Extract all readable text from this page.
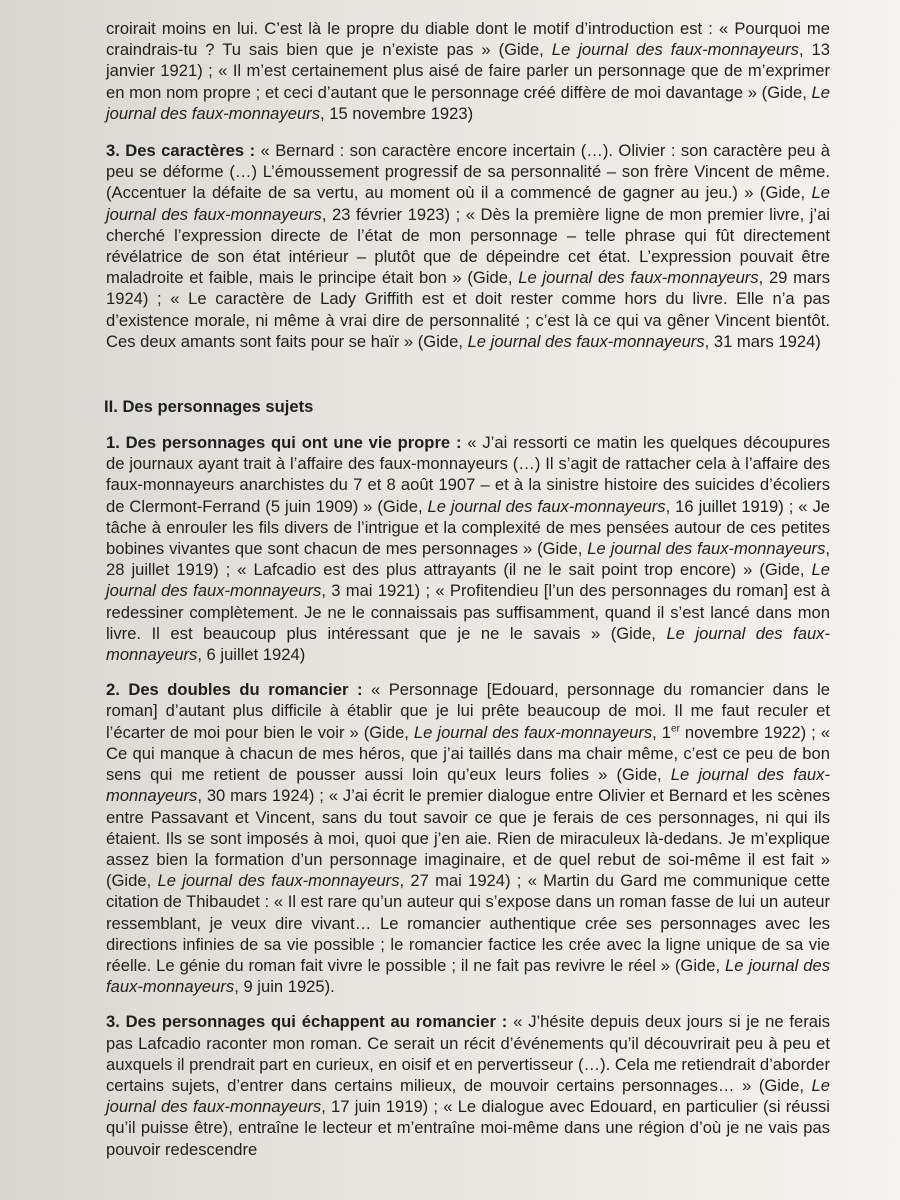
croirait moins en lui. C’est là le propre du diable dont le motif d’introduction est : « Pourquoi me craindrais-tu ? Tu sais bien que je n’existe pas » (Gide, Le journal des faux-monnayeurs, 13 janvier 1921) ; « Il m’est certainement plus aisé de faire parler un personnage que de m’exprimer en mon nom propre ; et ceci d’autant que le personnage créé diffère de moi davantage » (Gide, Le journal des faux-monnayeurs, 15 novembre 1923)

3. Des caractères : « Bernard : son caractère encore incertain (…). Olivier : son caractère peu à peu se déforme (…) L’émoussement progressif de sa personnalité – son frère Vincent de même. (Accentuer la défaite de sa vertu, au moment où il a commencé de gagner au jeu.) » (Gide, Le journal des faux-monnayeurs, 23 février 1923) ; « Dès la première ligne de mon premier livre, j’ai cherché l’expression directe de l’état de mon personnage – telle phrase qui fût directement révélatrice de son état intérieur – plutôt que de dépeindre cet état. L’expression pouvait être maladroite et faible, mais le principe était bon » (Gide, Le journal des faux-monnayeurs, 29 mars 1924) ; « Le caractère de Lady Griffith est et doit rester comme hors du livre. Elle n’a pas d’existence morale, ni même à vrai dire de personnalité ; c’est là ce qui va gêner Vincent bientôt. Ces deux amants sont faits pour se haïr » (Gide, Le journal des faux-monnayeurs, 31 mars 1924)

II. Des personnages sujets

1. Des personnages qui ont une vie propre : « J’ai ressorti ce matin les quelques découpures de journaux ayant trait à l’affaire des faux-monnayeurs (…) Il s’agit de rattacher cela à l’affaire des faux-monnayeurs anarchistes du 7 et 8 août 1907 – et à la sinistre histoire des suicides d’écoliers de Clermont-Ferrand (5 juin 1909) » (Gide, Le journal des faux-monnayeurs, 16 juillet 1919) ; « Je tâche à enrouler les fils divers de l’intrigue et la complexité de mes pensées autour de ces petites bobines vivantes que sont chacun de mes personnages » (Gide, Le journal des faux-monnayeurs, 28 juillet 1919) ; « Lafcadio est des plus attrayants (il ne le sait point trop encore) » (Gide, Le journal des faux-monnayeurs, 3 mai 1921) ; « Profitendieu [l’un des personnages du roman] est à redessiner complètement. Je ne le connaissais pas suffisamment, quand il s’est lancé dans mon livre. Il est beaucoup plus intéressant que je ne le savais » (Gide, Le journal des faux-monnayeurs, 6 juillet 1924)

2. Des doubles du romancier : « Personnage [Edouard, personnage du romancier dans le roman] d’autant plus difficile à établir que je lui prête beaucoup de moi. Il me faut reculer et l’écarter de moi pour bien le voir » (Gide, Le journal des faux-monnayeurs, 1er novembre 1922) ; « Ce qui manque à chacun de mes héros, que j’ai taillés dans ma chair même, c’est ce peu de bon sens qui me retient de pousser aussi loin qu’eux leurs folies » (Gide, Le journal des faux-monnayeurs, 30 mars 1924) ; « J’ai écrit le premier dialogue entre Olivier et Bernard et les scènes entre Passavant et Vincent, sans du tout savoir ce que je ferais de ces personnages, ni qui ils étaient. Ils se sont imposés à moi, quoi que j’en aie. Rien de miraculeux là-dedans. Je m’explique assez bien la formation d’un personnage imaginaire, et de quel rebut de soi-même il est fait » (Gide, Le journal des faux-monnayeurs, 27 mai 1924) ; « Martin du Gard me communique cette citation de Thibaudet : « Il est rare qu’un auteur qui s’expose dans un roman fasse de lui un auteur ressemblant, je veux dire vivant… Le romancier authentique crée ses personnages avec les directions infinies de sa vie possible ; le romancier factice les crée avec la ligne unique de sa vie réelle. Le génie du roman fait vivre le possible ; il ne fait pas revivre le réel » (Gide, Le journal des faux-monnayeurs, 9 juin 1925).

3. Des personnages qui échappent au romancier : « J’hésite depuis deux jours si je ne ferais pas Lafcadio raconter mon roman. Ce serait un récit d’événements qu’il découvrirait peu à peu et auxquels il prendrait part en curieux, en oisif et en pervertisseur (…). Cela me retiendrait d’aborder certains sujets, d’entrer dans certains milieux, de mouvoir certains personnages… » (Gide, Le journal des faux-monnayeurs, 17 juin 1919) ; « Le dialogue avec Edouard, en particulier (si réussi qu’il puisse être), entraîne le lecteur et m’entraîne moi-même dans une région d’où je ne vais pas pouvoir redescendre
